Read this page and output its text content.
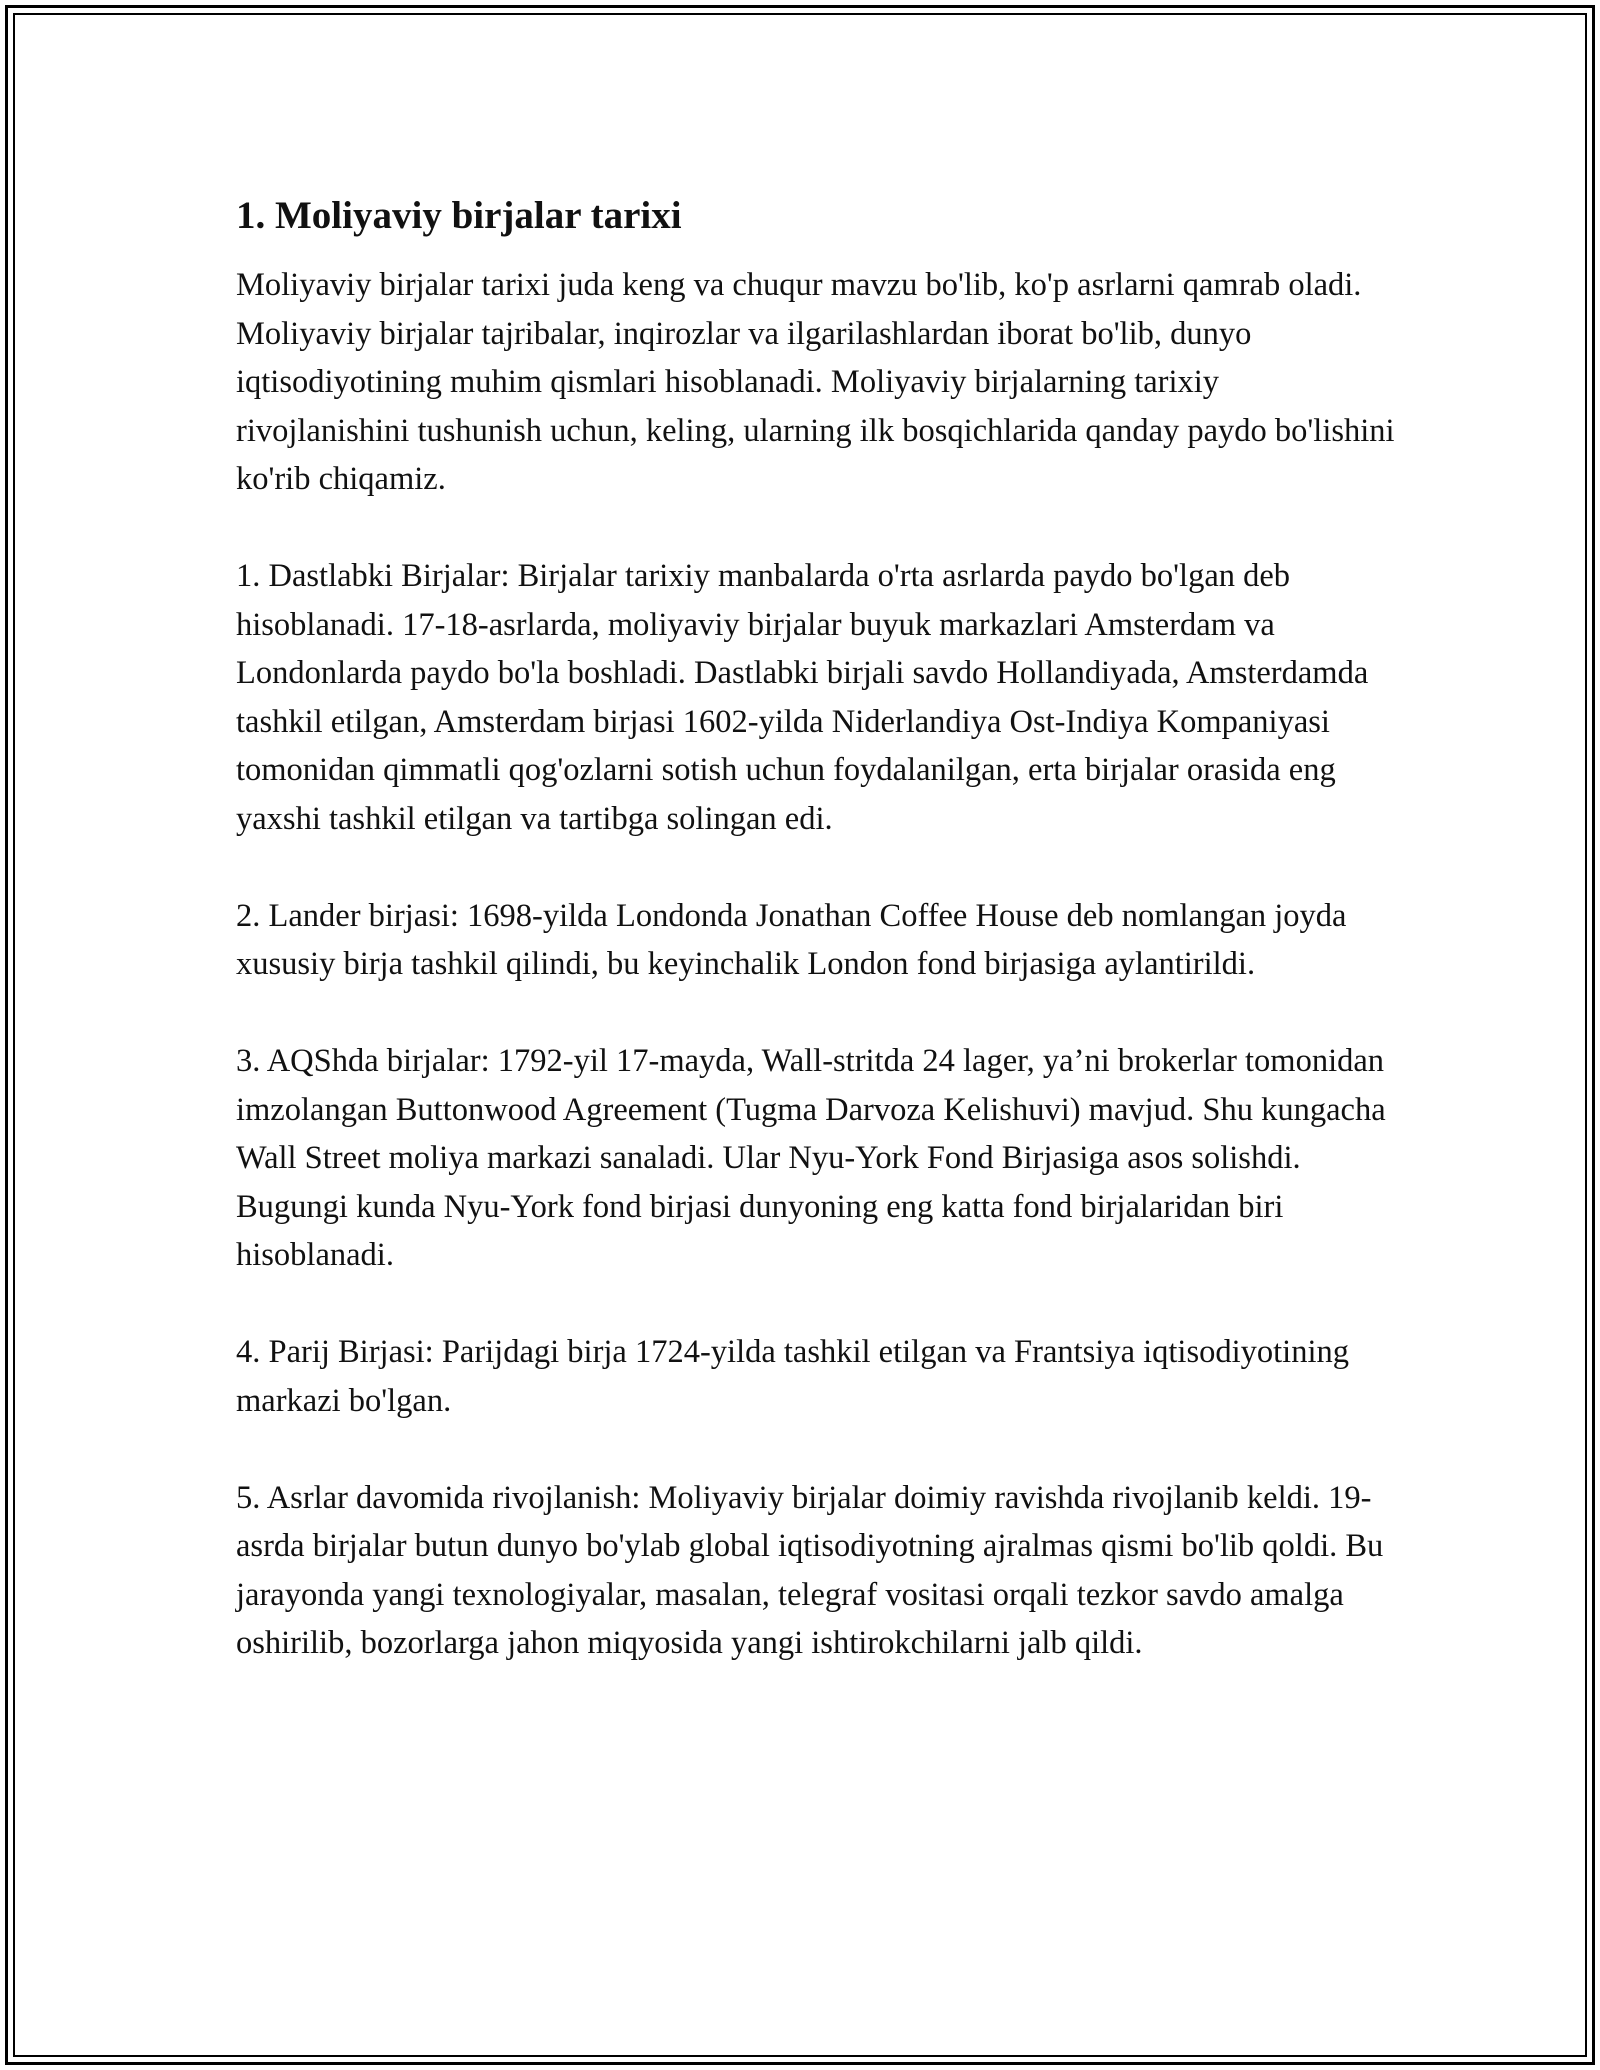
1. Moliyaviy birjalar tarixi

Moliyaviy birjalar tarixi juda keng va chuqur mavzu bo'lib, ko'p asrlarni qamrab oladi. Moliyaviy birjalar tajribalar, inqirozlar va ilgarilashlardan iborat bo'lib, dunyo iqtisodiyotining muhim qismlari hisoblanadi. Moliyaviy birjalarning tarixiy rivojlanishini tushunish uchun, keling, ularning ilk bosqichlarida qanday paydo bo'lishini ko'rib chiqamiz.

1. Dastlabki Birjalar: Birjalar tarixiy manbalarda o'rta asrlarda paydo bo'lgan deb hisoblanadi. 17-18-asrlarda, moliyaviy birjalar buyuk markazlari Amsterdam va Londonlarda paydo bo'la boshladi. Dastlabki birjali savdo Hollandiyada, Amsterdamda tashkil etilgan, Amsterdam birjasi 1602-yilda Niderlandiya Ost-Indiya Kompaniyasi tomonidan qimmatli qog'ozlarni sotish uchun foydalanilgan, erta birjalar orasida eng yaxshi tashkil etilgan va tartibga solingan edi.

2. Lander birjasi: 1698-yilda Londonda Jonathan Coffee House deb nomlangan joyda xususiy birja tashkil qilindi, bu keyinchalik London fond birjasiga aylantirildi.

3. AQShda birjalar: 1792-yil 17-mayda, Wall-stritda 24 lager, ya’ni brokerlar tomonidan imzolangan Buttonwood Agreement (Tugma Darvoza Kelishuvi) mavjud. Shu kungacha Wall Street moliya markazi sanaladi. Ular Nyu-York Fond Birjasiga asos solishdi. Bugungi kunda Nyu-York fond birjasi dunyoning eng katta fond birjalaridan biri hisoblanadi.

4. Parij Birjasi: Parijdagi birja 1724-yilda tashkil etilgan va Frantsiya iqtisodiyotining markazi bo'lgan.

5. Asrlar davomida rivojlanish: Moliyaviy birjalar doimiy ravishda rivojlanib keldi. 19-asrda birjalar butun dunyo bo'ylab global iqtisodiyotning ajralmas qismi bo'lib qoldi. Bu jarayonda yangi texnologiyalar, masalan, telegraf vositasi orqali tezkor savdo amalga oshirilib, bozorlarga jahon miqyosida yangi ishtirokchilarni jalb qildi.
